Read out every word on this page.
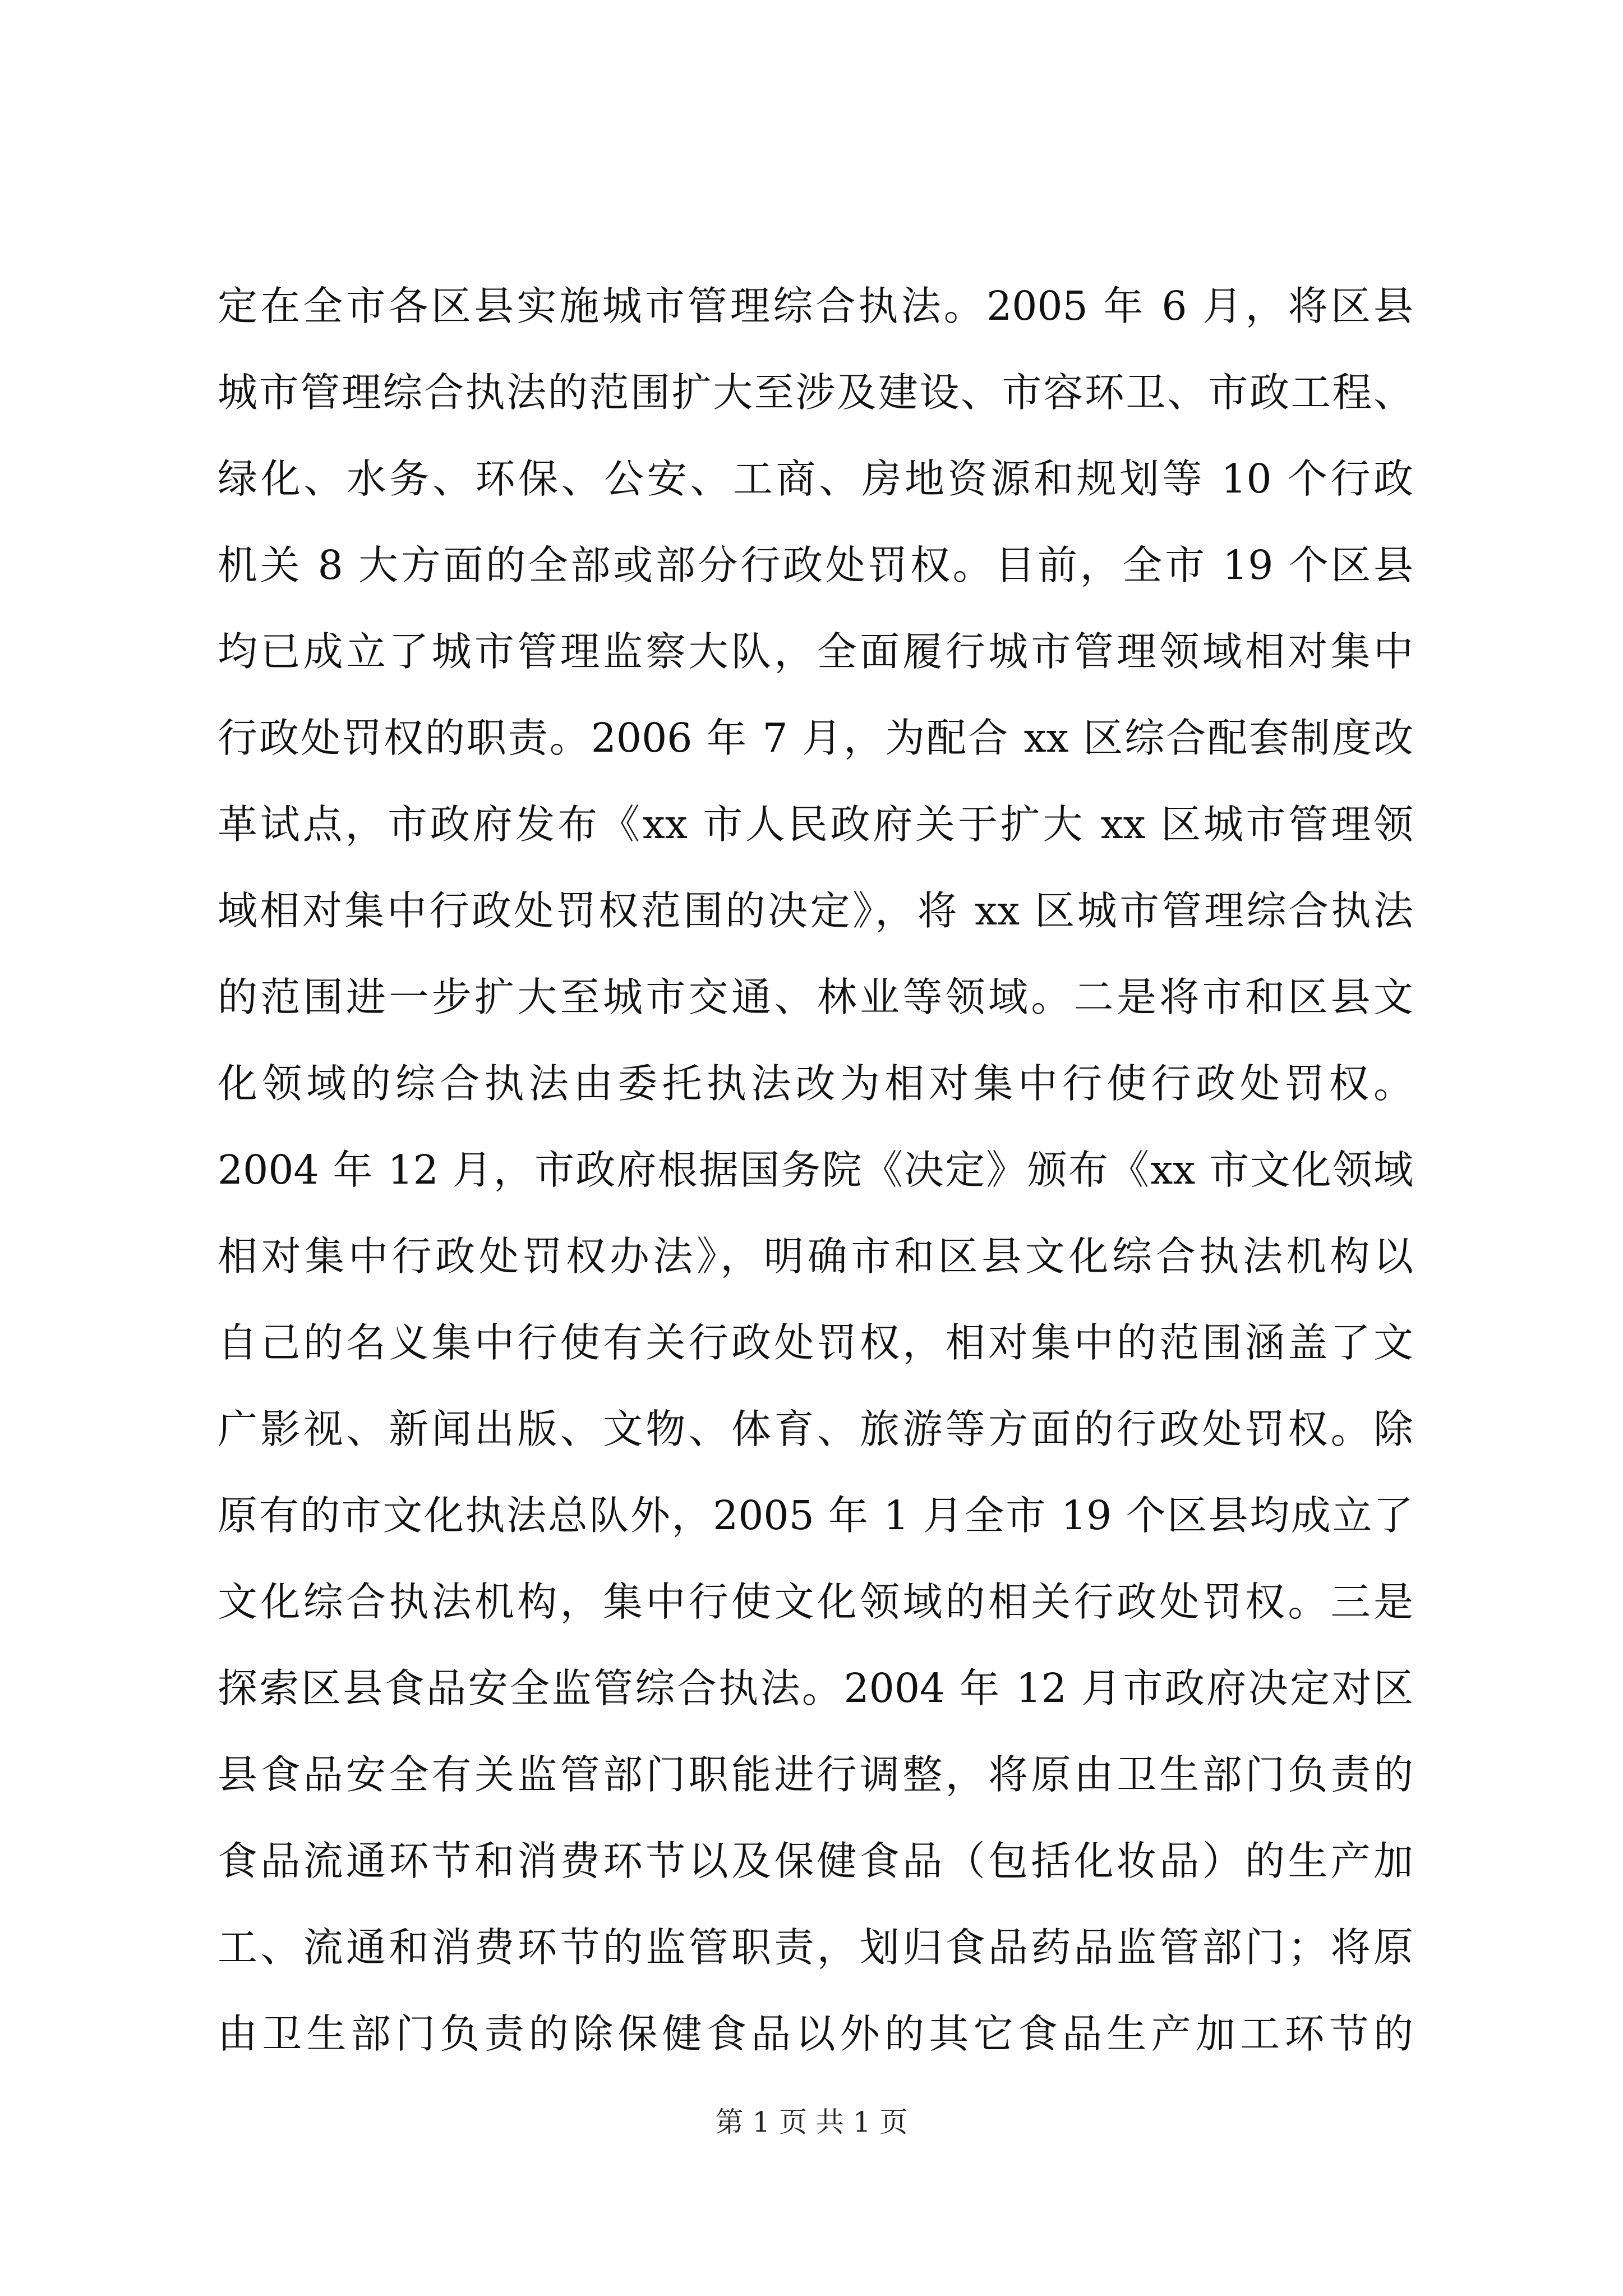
定在全市各区县实施城市管理综合执法。2005 年 6 月，将区县
城市管理综合执法的范围扩大至涉及建设、市容环卫、市政工程、
绿化、水务、环保、公安、工商、房地资源和规划等 10 个行政
机关 8 大方面的全部或部分行政处罚权。目前，全市 19 个区县
均已成立了城市管理监察大队，全面履行城市管理领域相对集中
行政处罚权的职责。2006 年 7 月，为配合 xx 区综合配套制度改
革试点，市政府发布《xx 市人民政府关于扩大 xx 区城市管理领
域相对集中行政处罚权范围的决定》，将 xx 区城市管理综合执法
的范围进一步扩大至城市交通、林业等领域。二是将市和区县文
化领域的综合执法由委托执法改为相对集中行使行政处罚权。
2004 年 12 月，市政府根据国务院《决定》颁布《xx 市文化领域
相对集中行政处罚权办法》，明确市和区县文化综合执法机构以
自己的名义集中行使有关行政处罚权，相对集中的范围涵盖了文
广影视、新闻出版、文物、体育、旅游等方面的行政处罚权。除
原有的市文化执法总队外，2005 年 1 月全市 19 个区县均成立了
文化综合执法机构，集中行使文化领域的相关行政处罚权。三是
探索区县食品安全监管综合执法。2004 年 12 月市政府决定对区
县食品安全有关监管部门职能进行调整，将原由卫生部门负责的
食品流通环节和消费环节以及保健食品（包括化妆品）的生产加
工、流通和消费环节的监管职责，划归食品药品监管部门；将原
由卫生部门负责的除保健食品以外的其它食品生产加工环节的
第 1 页 共 1 页
